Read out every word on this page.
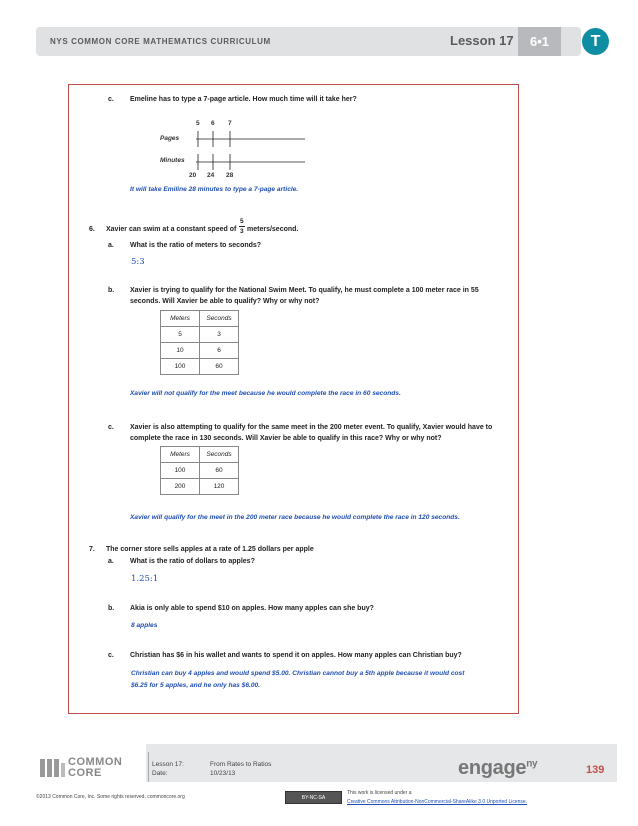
NYS COMMON CORE MATHEMATICS CURRICULUM	Lesson 17	6•1	T
c. Emeline has to type a 7-page article. How much time will it take her?
5 6 7
Pages
Minutes
20 24 28
It will take Emiline 28 minutes to type a 7-page article.
6. Xavier can swim at a constant speed of
5
3 meters/second.
a. What is the ratio of meters to seconds?
5:3
b. Xavier is trying to qualify for the National Swim Meet. To qualify, he must complete a 100 meter race in 55
seconds. Will Xavier be able to qualify? Why or why not?
Meters	Seconds
5	3
10	6
100	60
Xavier will not qualify for the meet because he would complete the race in 60 seconds.
c. Xavier is also attempting to qualify for the same meet in the 200 meter event. To qualify, Xavier would have to
complete the race in 130 seconds. Will Xavier be able to qualify in this race? Why or why not?
Meters	Seconds
100	60
200	120
Xavier will qualify for the meet in the 200 meter race because he would complete the race in 120 seconds.
7. The corner store sells apples at a rate of 1.25 dollars per apple
a. What is the ratio of dollars to apples?
1.25:1
b. Akia is only able to spend $10 on apples. How many apples can she buy?
8 apples
c. Christian has $6 in his wallet and wants to spend it on apples. How many apples can Christian buy?
Christian can buy 4 apples and would spend $5.00. Christian cannot buy a 5th apple because it would cost
$6.25 for 5 apples, and he only has $6.00.
COMMON
CORE
Lesson 17:
Date:
From Rates to Ratios
10/23/13	engage$^{ny}$
139
©2013 Common Core, Inc. Some rights reserved. commoncore.org	BY-NC-SA
This work is licensed under a
Creative Commons Attribution-NonCommercial-ShareAlike 3.0 Unported License.
